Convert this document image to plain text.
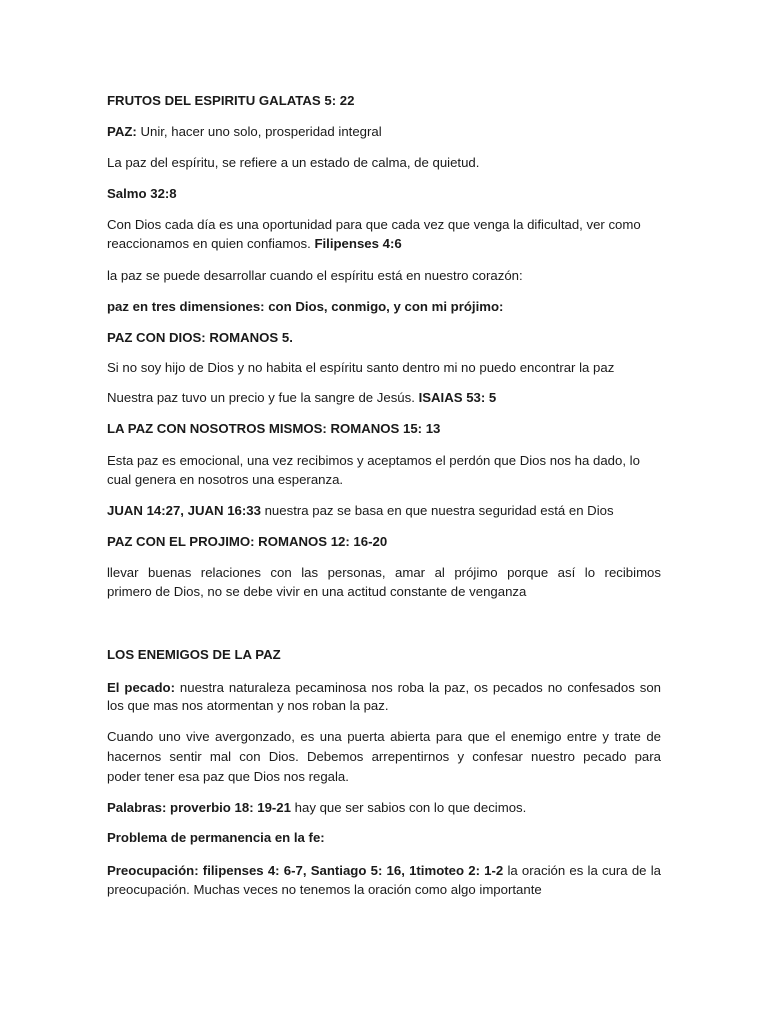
FRUTOS DEL ESPIRITU GALATAS 5: 22
PAZ: Unir, hacer uno solo, prosperidad integral
La paz del espíritu, se refiere a un estado de calma, de quietud.
Salmo 32:8
Con Dios cada día es una oportunidad para que cada vez que venga la dificultad, ver como
reaccionamos en quien confiamos. Filipenses 4:6
la paz se puede desarrollar cuando el espíritu está en nuestro corazón:
paz en tres dimensiones: con Dios, conmigo, y con mi prójimo:
PAZ CON DIOS: ROMANOS 5.
Si no soy hijo de Dios y no habita el espíritu santo dentro mi no puedo encontrar la paz
Nuestra paz tuvo un precio y fue la sangre de Jesús. ISAIAS 53: 5
LA PAZ CON NOSOTROS MISMOS: ROMANOS 15: 13
Esta paz es emocional, una vez recibimos y aceptamos el perdón que Dios nos ha dado, lo
cual genera en nosotros una esperanza.
JUAN 14:27, JUAN 16:33 nuestra paz se basa en que nuestra seguridad está en Dios
PAZ CON EL PROJIMO: ROMANOS 12: 16-20
llevar buenas relaciones con las personas, amar al prójimo porque así lo recibimos
primero de Dios, no se debe vivir en una actitud constante de venganza
LOS ENEMIGOS DE LA PAZ
El pecado: nuestra naturaleza pecaminosa nos roba la paz, os pecados no confesados son
los que mas nos atormentan y nos roban la paz.
Cuando uno vive avergonzado, es una puerta abierta para que el enemigo entre y trate de
hacernos sentir mal con Dios. Debemos arrepentirnos y confesar nuestro pecado para
poder tener esa paz que Dios nos regala.
Palabras: proverbio 18: 19-21 hay que ser sabios con lo que decimos.
Problema de permanencia en la fe:
Preocupación: filipenses 4: 6-7, Santiago 5: 16, 1timoteo 2: 1-2 la oración es la cura de la
preocupación. Muchas veces no tenemos la oración como algo importante
